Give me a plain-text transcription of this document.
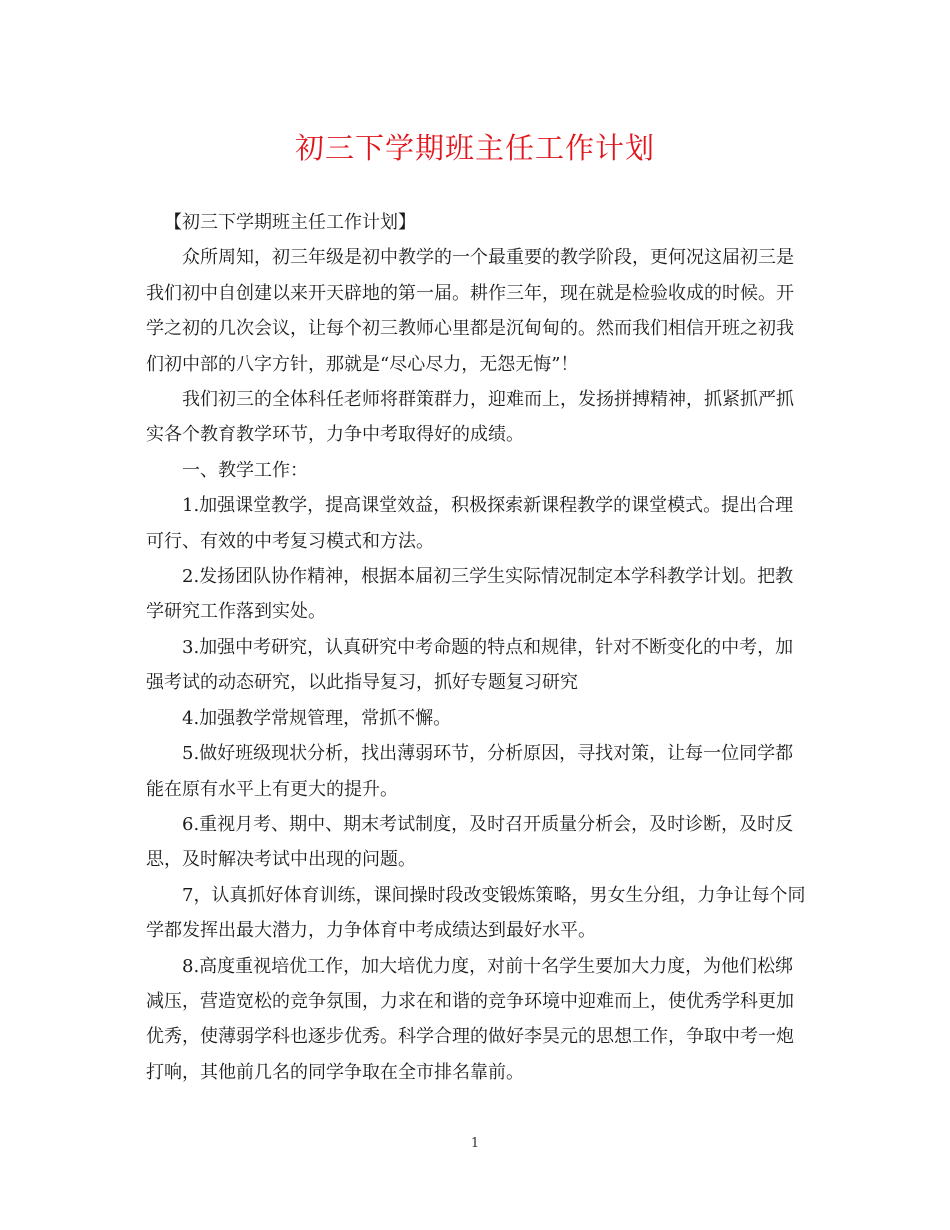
初三下学期班主任工作计划

【初三下学期班主任工作计划】

众所周知，初三年级是初中教学的一个最重要的教学阶段，更何况这届初三是我们初中自创建以来开天辟地的第一届。耕作三年，现在就是检验收成的时候。开学之初的几次会议，让每个初三教师心里都是沉甸甸的。然而我们相信开班之初我们初中部的八字方针，那就是“尽心尽力，无怨无悔”！

我们初三的全体科任老师将群策群力，迎难而上，发扬拼搏精神，抓紧抓严抓实各个教育教学环节，力争中考取得好的成绩。

一、教学工作：

1.加强课堂教学，提高课堂效益，积极探索新课程教学的课堂模式。提出合理可行、有效的中考复习模式和方法。

2.发扬团队协作精神，根据本届初三学生实际情况制定本学科教学计划。把教学研究工作落到实处。

3.加强中考研究，认真研究中考命题的特点和规律，针对不断变化的中考，加强考试的动态研究，以此指导复习，抓好专题复习研究

4.加强教学常规管理，常抓不懈。

5.做好班级现状分析，找出薄弱环节，分析原因，寻找对策，让每一位同学都能在原有水平上有更大的提升。

6.重视月考、期中、期末考试制度，及时召开质量分析会，及时诊断，及时反思，及时解决考试中出现的问题。

7，认真抓好体育训练，课间操时段改变锻炼策略，男女生分组，力争让每个同学都发挥出最大潜力，力争体育中考成绩达到最好水平。

8.高度重视培优工作，加大培优力度，对前十名学生要加大力度，为他们松绑减压，营造宽松的竞争氛围，力求在和谐的竞争环境中迎难而上，使优秀学科更加优秀，使薄弱学科也逐步优秀。科学合理的做好李昊元的思想工作，争取中考一炮打响，其他前几名的同学争取在全市排名靠前。

1
